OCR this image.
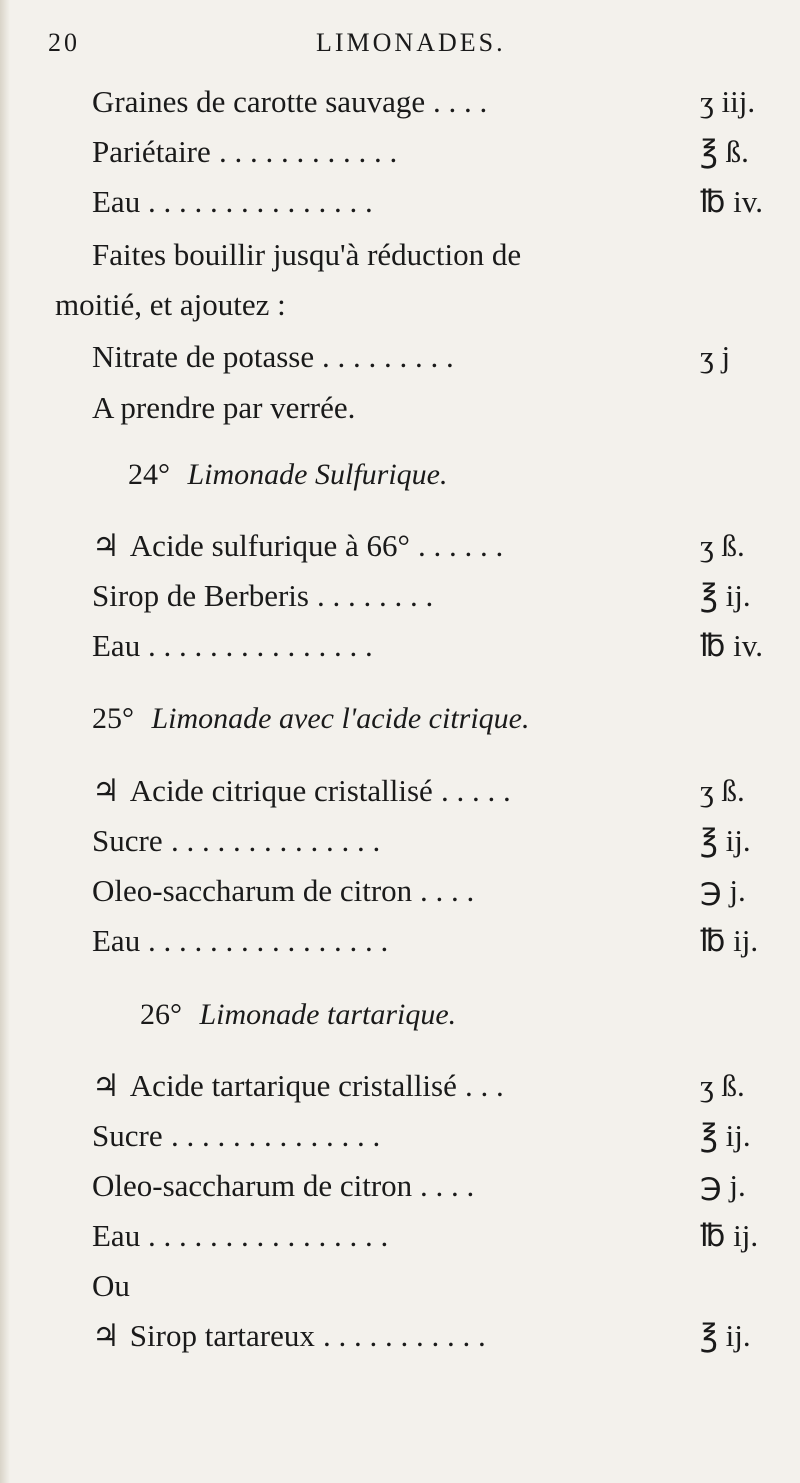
20	LIMONADES.
Graines de carotte sauvage . . . .	ʒ iij.
Pariétaire . . . . . . . . . . . .	℥ ß.
Eau . . . . . . . . . . . . . . .	℔ iv.
Faites bouillir jusqu'à réduction de
moitié, et ajoutez :
Nitrate de potasse . . . . . . . . .	ʒ j
A prendre par verrée.
24° Limonade Sulfurique.
♃ Acide sulfurique à 66° . . . . . .	ʒ ß.
Sirop de Berberis . . . . . . . .	℥ ij.
Eau . . . . . . . . . . . . . . .	℔ iv.
25° Limonade avec l'acide citrique.
♃ Acide citrique cristallisé . . . . .	ʒ ß.
Sucre . . . . . . . . . . . . . .	℥ ij.
Oleo-saccharum de citron . . . .	℈ j.
Eau . . . . . . . . . . . . . . . .	℔ ij.
26° Limonade tartarique.
♃ Acide tartarique cristallisé . . .	ʒ ß.
Sucre . . . . . . . . . . . . . .	℥ ij.
Oleo-saccharum de citron . . . .	℈ j.
Eau . . . . . . . . . . . . . . . .	℔ ij.
Ou
♃ Sirop tartareux . . . . . . . . . . .	℥ ij.
